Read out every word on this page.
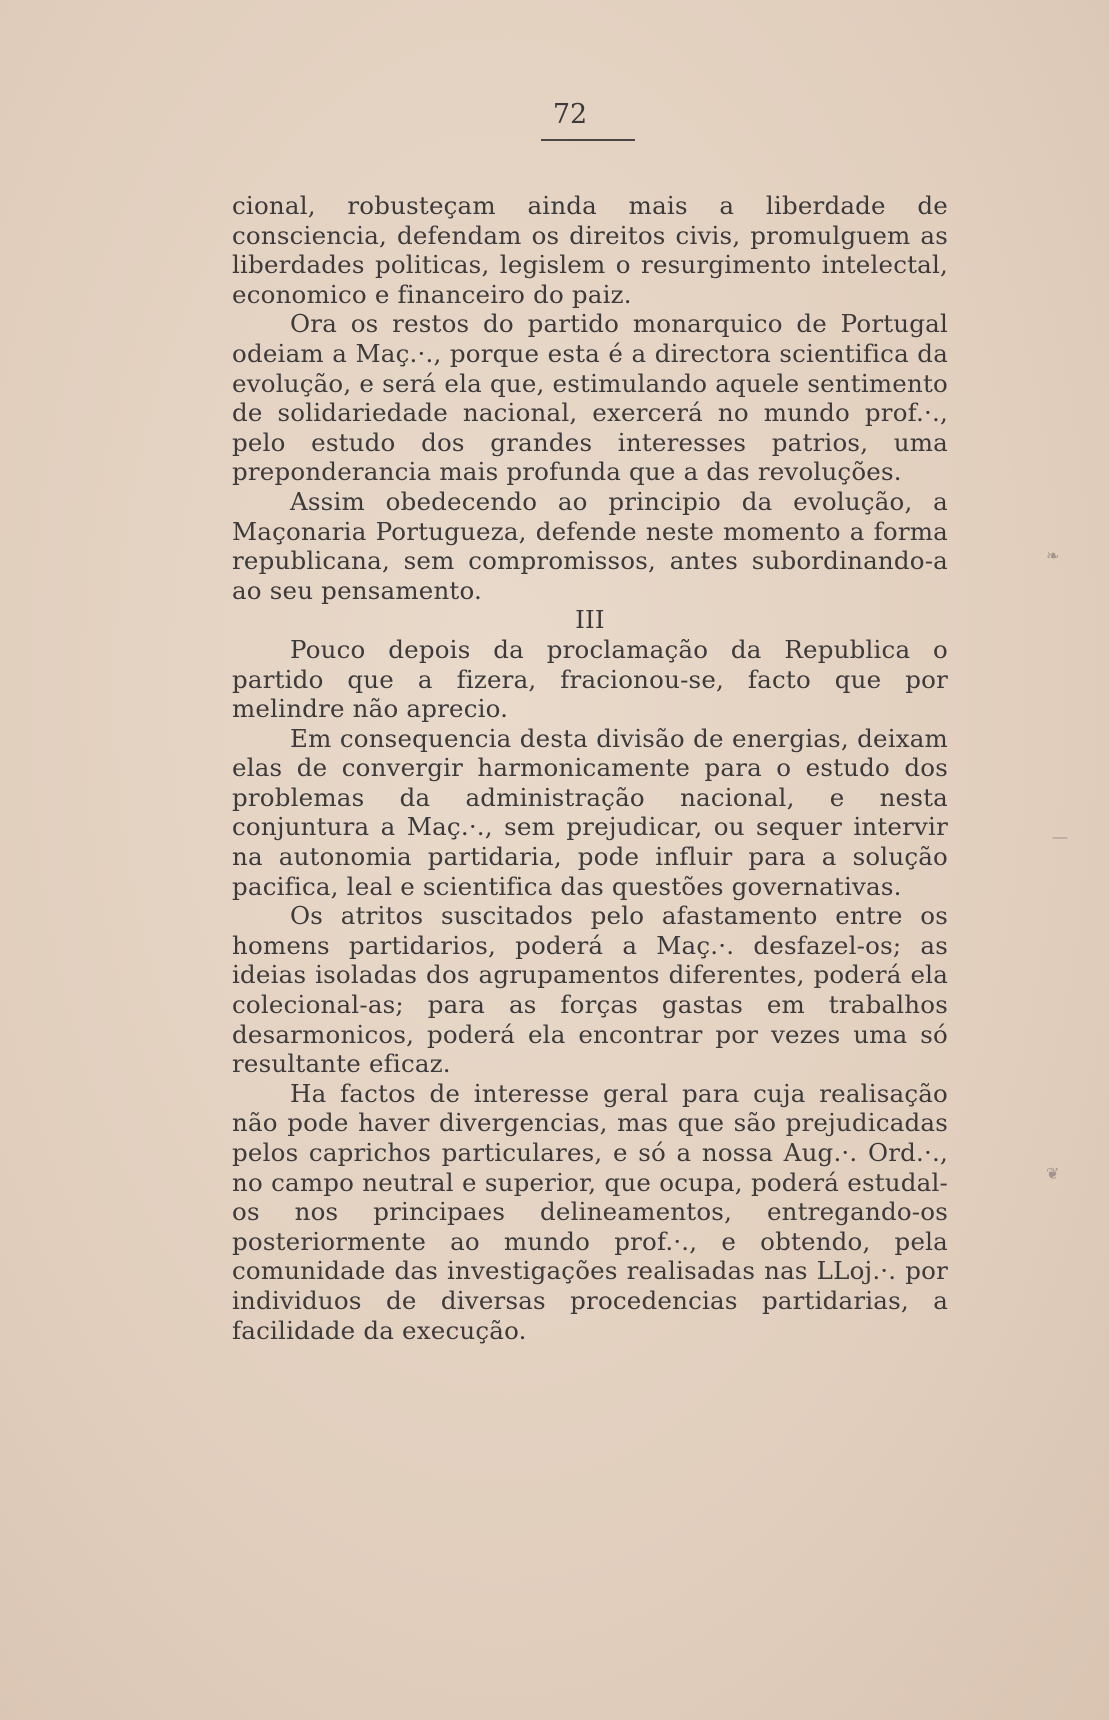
72

cional, robusteçam ainda mais a liberdade de consciencia, defendam os direitos civis, promulguem as liberdades politicas, legislem o resurgimento intelectal, economico e financeiro do paiz.

Ora os restos do partido monarquico de Portugal odeiam a Maç.·., porque esta é a directora scientifica da evolução, e será ela que, estimulando aquele sentimento de solidariedade nacional, exercerá no mundo prof.·., pelo estudo dos grandes interesses patrios, uma preponderancia mais profunda que a das revoluções.

Assim obedecendo ao principio da evolução, a Maçonaria Portugueza, defende neste momento a forma republicana, sem compromissos, antes subordinando-a ao seu pensamento.

III

Pouco depois da proclamação da Republica o partido que a fizera, fracionou-se, facto que por melindre não aprecio.

Em consequencia desta divisão de energias, deixam elas de convergir harmonicamente para o estudo dos problemas da administração nacional, e nesta conjuntura a Maç.·., sem prejudicar, ou sequer intervir na autonomia partidaria, pode influir para a solução pacifica, leal e scientifica das questões governativas.

Os atritos suscitados pelo afastamento entre os homens partidarios, poderá a Maç.·. desfazel-os; as ideias isoladas dos agrupamentos diferentes, poderá ela colecional-as; para as forças gastas em trabalhos desarmonicos, poderá ela encontrar por vezes uma só resultante eficaz.

Ha factos de interesse geral para cuja realisação não pode haver divergencias, mas que são prejudicadas pelos caprichos particulares, e só a nossa Aug.·. Ord.·., no campo neutral e superior, que ocupa, poderá estudal-os nos principaes delineamentos, entregando-os posteriormente ao mundo prof.·., e obtendo, pela comunidade das investigações realisadas nas LLoj.·. por individuos de diversas procedencias partidarias, a facilidade da execução.

❧
—
❦
